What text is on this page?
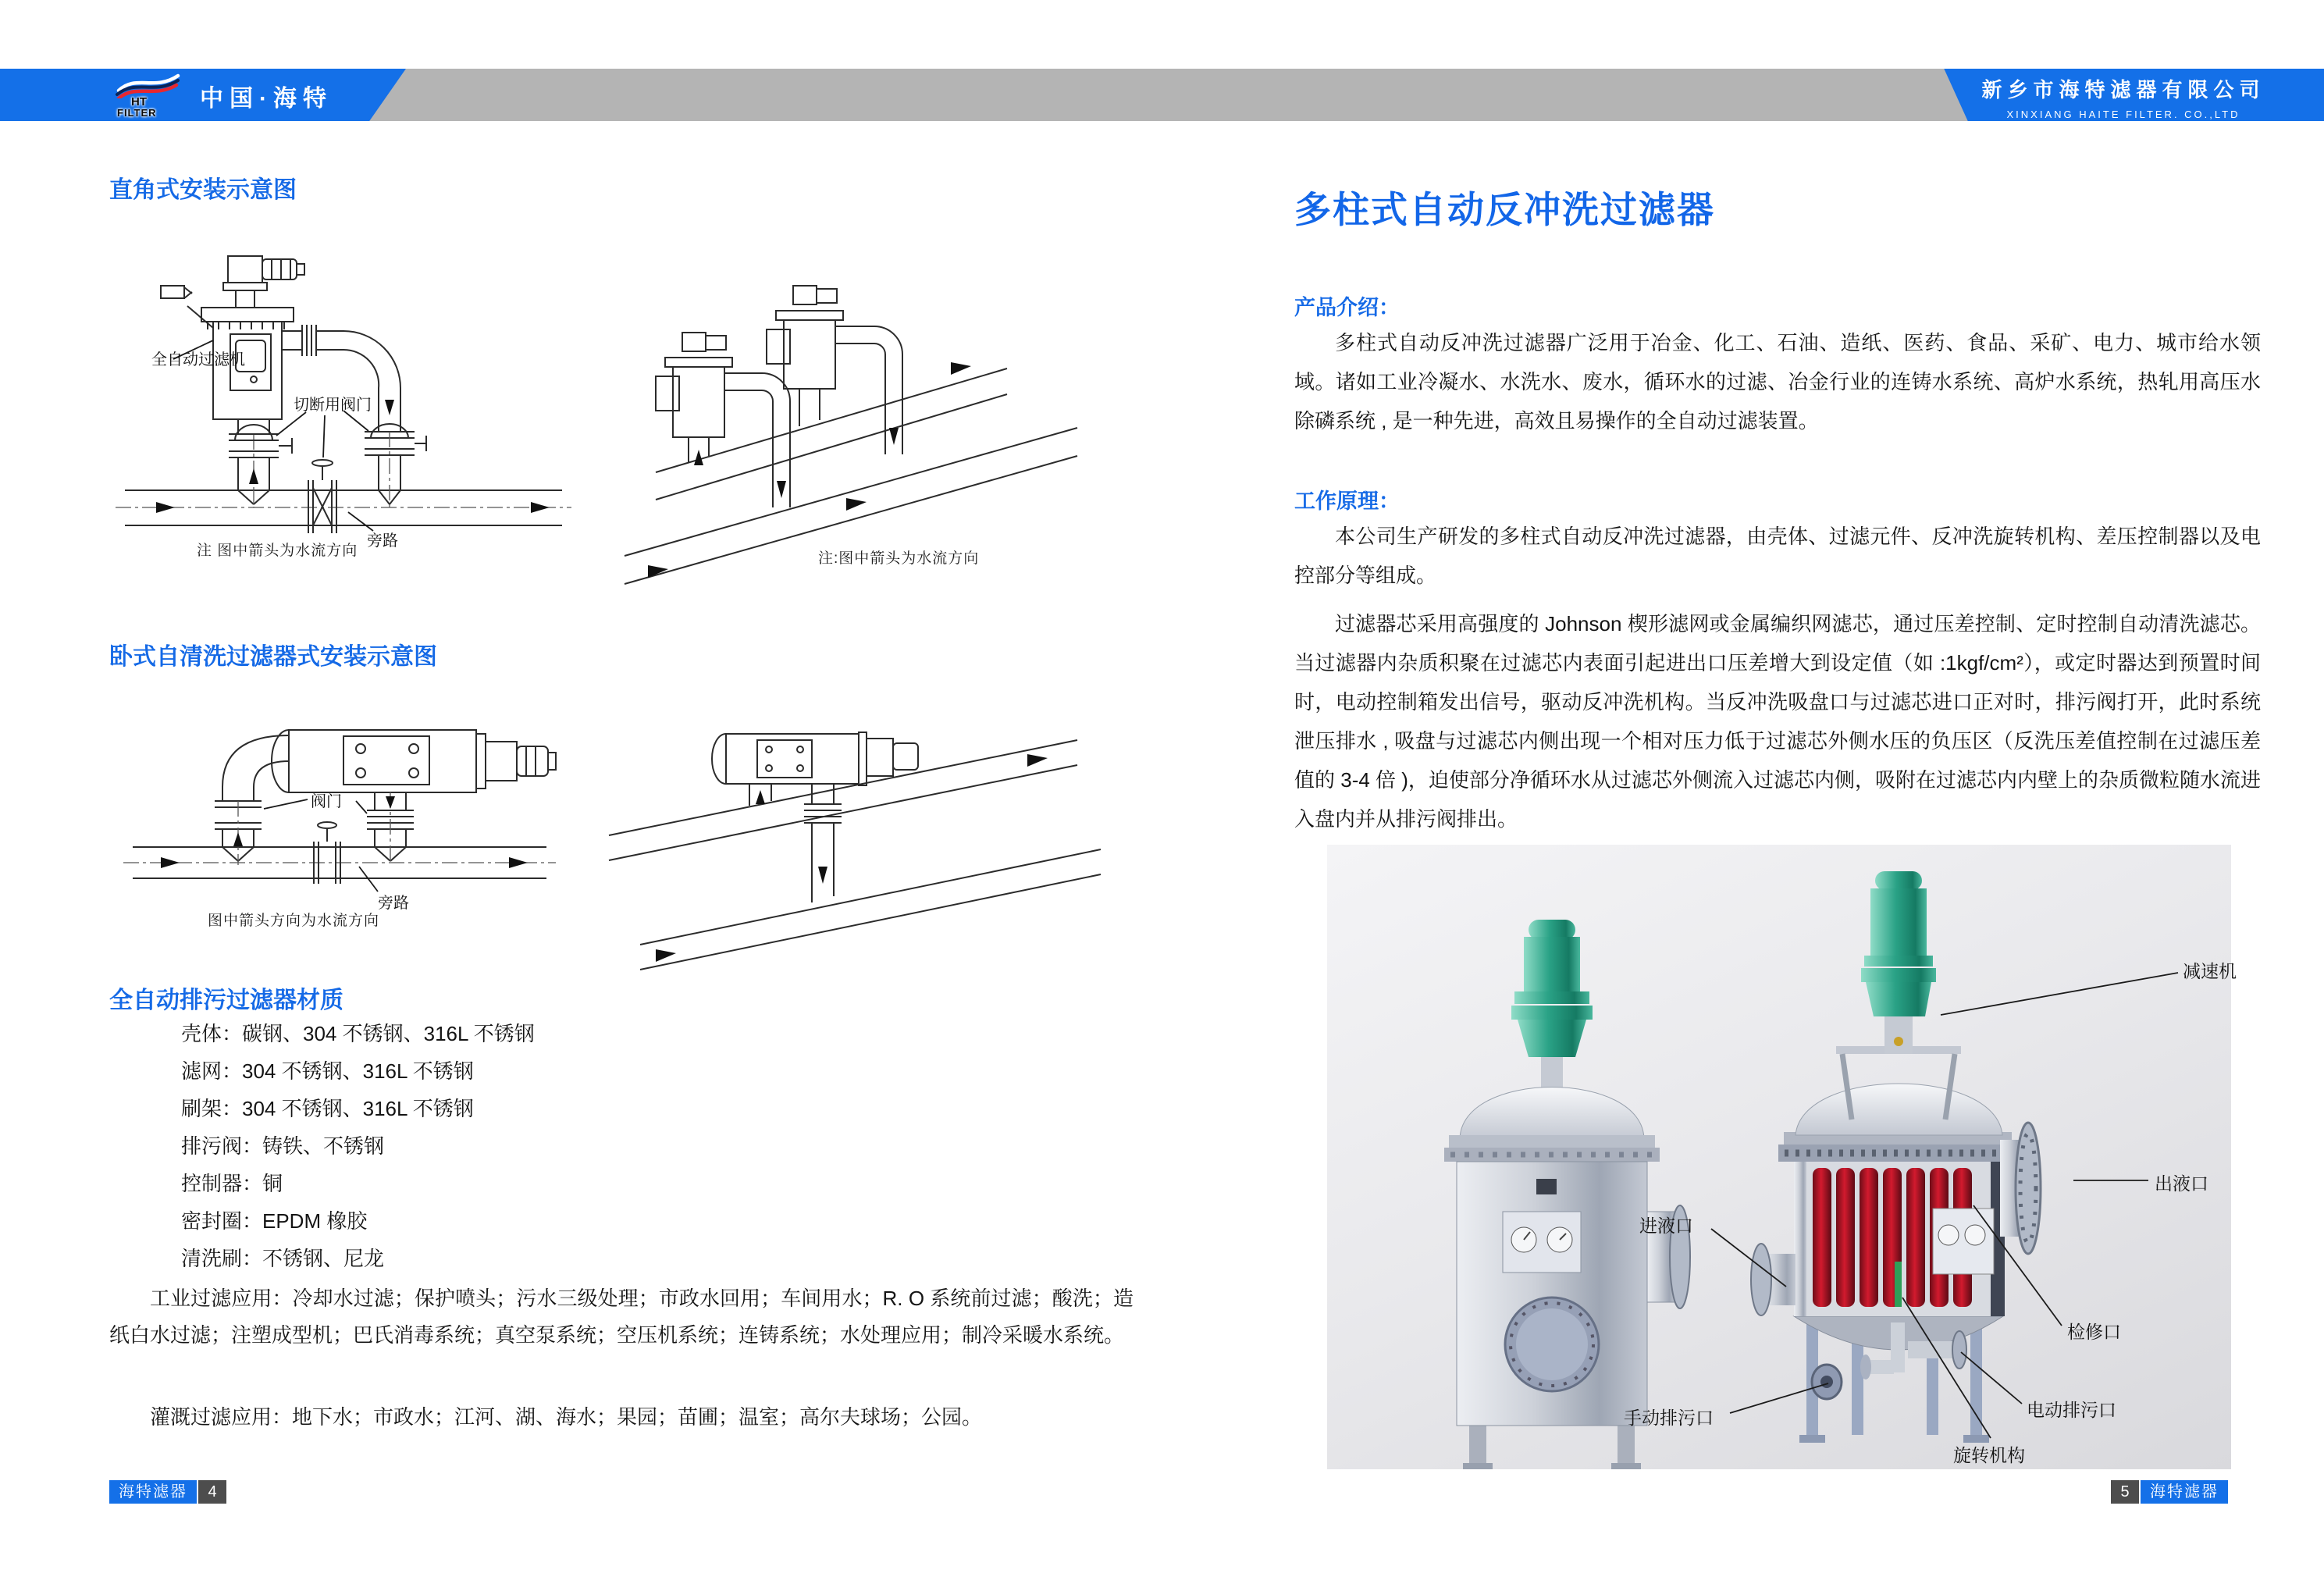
HT
FILTER
中国·海特	新乡市海特滤器有限公司
XINXIANG HAITE FILTER. CO.,LTD
直角式安装示意图
全自动过滤机
切断用阀门
旁路
注 图中箭头为水流方向	注:图中箭头为水流方向
卧式自清洗过滤器式安装示意图
阀门
旁路
图中箭头方向为水流方向
全自动排污过滤器材质
壳体：碳钢、304 不锈钢、316L 不锈钢
滤网：304 不锈钢、316L 不锈钢
刷架：304 不锈钢、316L 不锈钢
排污阀：铸铁、不锈钢
控制器：铜
密封圈：EPDM 橡胶
清洗刷：不锈钢、尼龙
工业过滤应用：冷却水过滤；保护喷头；污水三级处理；市政水回用；车间用水；R. O 系统前过滤；酸洗；造纸白水过滤；注塑成型机；巴氏消毒系统；真空泵系统；空压机系统；连铸系统；水处理应用；制冷采暖水系统。
灌溉过滤应用：地下水；市政水；江河、湖、海水；果园；苗圃；温室；高尔夫球场；公园。
海特滤器	4
多柱式自动反冲洗过滤器
产品介绍：
多柱式自动反冲洗过滤器广泛用于冶金、化工、石油、造纸、医药、食品、采矿、电力、城市给水领域。诸如工业冷凝水、水洗水、废水，循环水的过滤、冶金行业的连铸水系统、高炉水系统，热轧用高压水除磷系统 , 是一种先进，高效且易操作的全自动过滤装置。
工作原理：
本公司生产研发的多柱式自动反冲洗过滤器，由壳体、过滤元件、反冲洗旋转机构、差压控制器以及电控部分等组成。
过滤器芯采用高强度的 Johnson 楔形滤网或金属编织网滤芯，通过压差控制、定时控制自动清洗滤芯。当过滤器内杂质积聚在过滤芯内表面引起进出口压差增大到设定值（如 :1kgf/cm²），或定时器达到预置时间时，电动控制箱发出信号，驱动反冲洗机构。当反冲洗吸盘口与过滤芯进口正对时，排污阀打开，此时系统泄压排水 , 吸盘与过滤芯内侧出现一个相对压力低于过滤芯外侧水压的负压区（反洗压差值控制在过滤压差值的 3-4 倍 )，迫使部分净循环水从过滤芯外侧流入过滤芯内侧，吸附在过滤芯内内壁上的杂质微粒随水流进入盘内并从排污阀排出。
减速机
出液口
进液口
检修口
手动排污口	电动排污口
旋转机构
5	海特滤器
